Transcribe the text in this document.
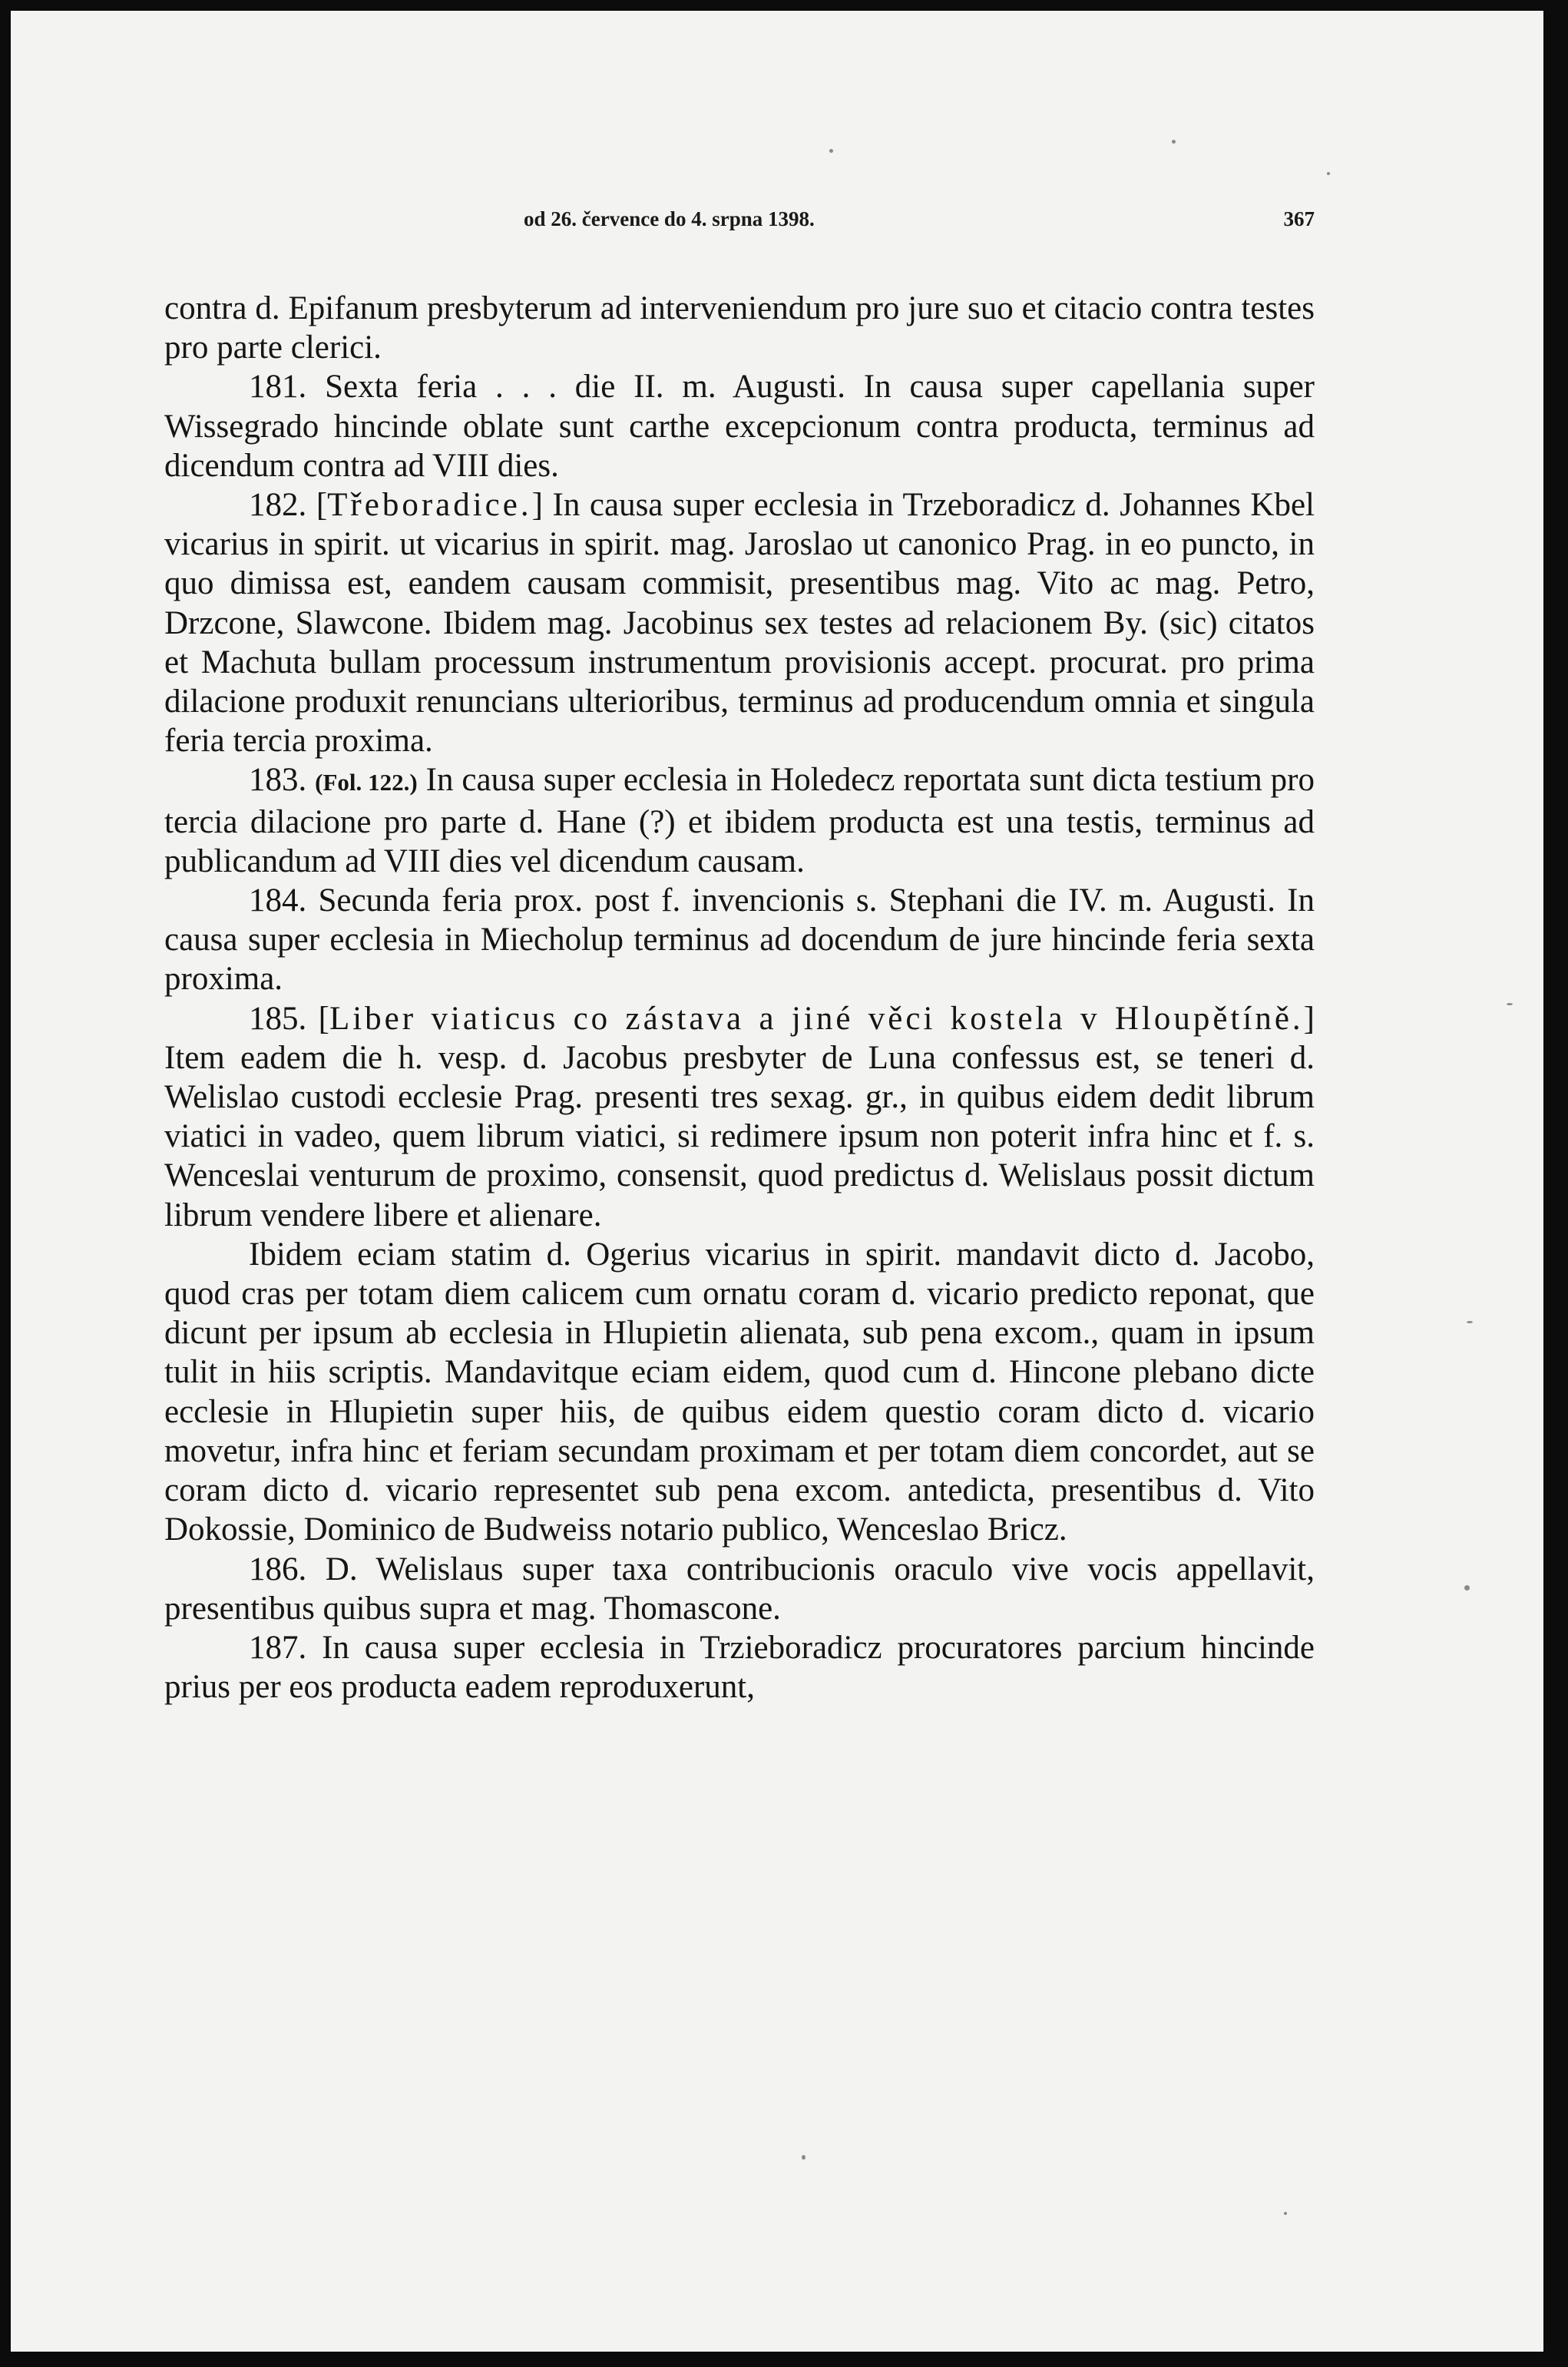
od 26. července do 4. srpna 1398.	367

contra d. Epifanum presbyterum ad interveniendum pro jure suo et citacio contra testes pro parte clerici.

181. Sexta feria . . . die II. m. Augusti. In causa super capellania super Wissegrado hincinde oblate sunt carthe excepcionum contra producta, terminus ad dicendum contra ad VIII dies.

182. [Třeboradice.] In causa super ecclesia in Trzeboradicz d. Johannes Kbel vicarius in spirit. ut vicarius in spirit. mag. Jaroslao ut canonico Prag. in eo puncto, in quo dimissa est, eandem causam commisit, presentibus mag. Vito ac mag. Petro, Drzcone, Slawcone. Ibidem mag. Jacobinus sex testes ad relacionem By. (sic) citatos et Machuta bullam processum instrumentum provisionis accept. procurat. pro prima dilacione produxit renuncians ulterioribus, terminus ad producendum omnia et singula feria tercia proxima.

183. (Fol. 122.) In causa super ecclesia in Holedecz reportata sunt dicta testium pro tercia dilacione pro parte d. Hane (?) et ibidem producta est una testis, terminus ad publicandum ad VIII dies vel dicendum causam.

184. Secunda feria prox. post f. invencionis s. Stephani die IV. m. Augusti. In causa super ecclesia in Miecholup terminus ad docendum de jure hincinde feria sexta proxima.

185. [Liber viaticus co zástava a jiné věci kostela v Hloupětíně.] Item eadem die h. vesp. d. Jacobus presbyter de Luna confessus est, se teneri d. Welislao custodi ecclesie Prag. presenti tres sexag. gr., in quibus eidem dedit librum viatici in vadeo, quem librum viatici, si redimere ipsum non poterit infra hinc et f. s. Wenceslai venturum de proximo, consensit, quod predictus d. Welislaus possit dictum librum vendere libere et alienare.

Ibidem eciam statim d. Ogerius vicarius in spirit. mandavit dicto d. Jacobo, quod cras per totam diem calicem cum ornatu coram d. vicario predicto reponat, que dicunt per ipsum ab ecclesia in Hlupietin alienata, sub pena excom., quam in ipsum tulit in hiis scriptis. Mandavitque eciam eidem, quod cum d. Hincone plebano dicte ecclesie in Hlupietin super hiis, de quibus eidem questio coram dicto d. vicario movetur, infra hinc et feriam secundam proximam et per totam diem concordet, aut se coram dicto d. vicario representet sub pena excom. antedicta, presentibus d. Vito Dokossie, Dominico de Budweiss notario publico, Wenceslao Bricz.

186. D. Welislaus super taxa contribucionis oraculo vive vocis appellavit, presentibus quibus supra et mag. Thomascone.

187. In causa super ecclesia in Trzieboradicz procuratores parcium hincinde prius per eos producta eadem reproduxerunt,
